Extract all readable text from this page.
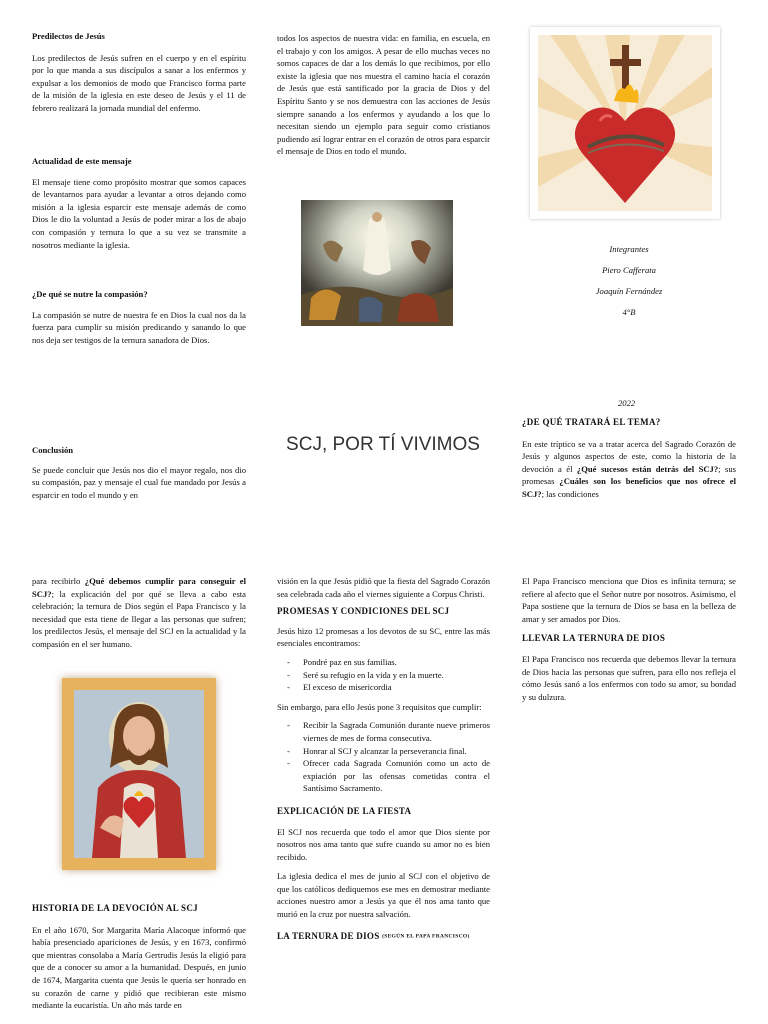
Predilectos de Jesús

Los predilectos de Jesús sufren en el cuerpo y en el espíritu por lo que manda a sus discípulos a sanar a los enfermos y expulsar a los demonios de modo que Francisco forma parte de la misión de la iglesia en este deseo de Jesús y el 11 de febrero realizará la jornada mundial del enfermo.

Actualidad de este mensaje

El mensaje tiene como propósito mostrar que somos capaces de levantarnos para ayudar a levantar a otros dejando como misión a la iglesia esparcir este mensaje además de como Dios le dio la voluntad a Jesús de poder mirar a los de abajo con compasión y ternura lo que a su vez se transmite a nosotros mediante la iglesia.

¿De qué se nutre la compasión?

La compasión se nutre de nuestra fe en Dios la cual nos da la fuerza para cumplir su misión predicando y sanando lo que nos deja ser testigos de la ternura sanadora de Dios.

Conclusión

Se puede concluir que Jesús nos dio el mayor regalo, nos dio su compasión, paz y mensaje el cual fue mandado por Jesús a esparcir en todo el mundo y en

todos los aspectos de nuestra vida: en familia, en escuela, en el trabajo y con los amigos. A pesar de ello muchas veces no somos capaces de dar a los demás lo que recibimos, por ello existe la iglesia que nos muestra el camino hacia el corazón de Jesús que está santificado por la gracia de Dios y del Espíritu Santo y se nos demuestra con las acciones de Jesús siempre sanando a los enfermos y ayudando a los que lo necesitan siendo un ejemplo para seguir como cristianos pudiendo así lograr entrar en el corazón de otros para esparcir el mensaje de Dios en todo el mundo.

Integrantes

Piero Cafferata

Joaquín Fernández

4°B

2022
SCJ, POR TÍ VIVIMOS
¿DE QUÉ TRATARÁ EL TEMA?

En este tríptico se va a tratar acerca del Sagrado Corazón de Jesús y algunos aspectos de este, como la historia de la devoción a él ¿Qué sucesos están detrás del SCJ?; sus promesas ¿Cuáles son los beneficios que nos ofrece el SCJ?; las condiciones

para recibirlo ¿Qué debemos cumplir para conseguir el SCJ?; la explicación del por qué se lleva a cabo esta celebración; la ternura de Dios según el Papa Francisco y la necesidad que esta tiene de llegar a las personas que sufren; los predilectos Jesús, el mensaje del SCJ en la actualidad y la compasión en el ser humano.

HISTORIA DE LA DEVOCIÓN AL SCJ

En el año 1670, Sor Margarita María Alacoque informó que había presenciado apariciones de Jesús, y en 1673, confirmó que mientras consolaba a María Gertrudis Jesús la eligió para que de a conocer su amor a la humanidad. Después, en junio de 1674, Margarita cuenta que Jesús le quería ser honrado en su corazón de carne y pidió que recibieran este mismo mediante la eucaristía. Un año más tarde en

visión en la que Jesús pidió que la fiesta del Sagrado Corazón sea celebrada cada año el viernes siguiente a Corpus Christi.

PROMESAS Y CONDICIONES DEL SCJ

Jesús hizo 12 promesas a los devotos de su SC, entre las más esenciales encontramos:

- Pondré paz en sus familias.
- Seré su refugio en la vida y en la muerte.
- El exceso de misericordia

Sin embargo, para ello Jesús pone 3 requisitos que cumplir:

- Recibir la Sagrada Comunión durante nueve primeros viernes de mes de forma consecutiva.
- Honrar al SCJ y alcanzar la perseverancia final.
- Ofrecer cada Sagrada Comunión como un acto de expiación por las ofensas cometidas contra el Santísimo Sacramento.
EXPLICACIÓN DE LA FIESTA

El SCJ nos recuerda que todo el amor que Dios siente por nosotros nos ama tanto que sufre cuando su amor no es bien recibido.

La iglesia dedica el mes de junio al SCJ con el objetivo de que los católicos dediquemos ese mes en demostrar mediante acciones nuestro amor a Jesús ya que él nos ama tanto que murió en la cruz por nuestra salvación.

LA TERNURA DE DIOS (SEGÚN EL PAPA FRANCISCO)

El Papa Francisco menciona que Dios es infinita ternura; se refiere al afecto que el Señor nutre por nosotros. Asimismo, el Papa sostiene que la ternura de Dios se basa en la belleza de amar y ser amados por Dios.

LLEVAR LA TERNURA DE DIOS

El Papa Francisco nos recuerda que debemos llevar la ternura de Dios hacia las personas que sufren, para ello nos refleja el cómo Jesús sanó a los enfermos con todo su amor, su bondad y su dulzura.
